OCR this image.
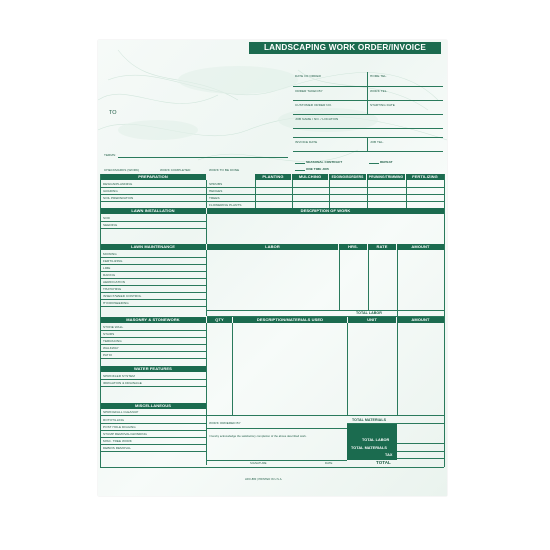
LANDSCAPING WORK ORDER/INVOICE
TO
TERMS:
DATE OF ORDER	HOME TEL.
ORDER TAKEN BY	WORK TEL.
CUSTOMER ORDER NO.	STARTING DATE
JOB NAME / NO. / LOCATION
INVOICE DATE	JOB TEL.
SEASONAL CONTRACT	REPEAT
ONE TIME JOB
CHECKMARKS (WORK)	WORK COMPLETED	WORK TO BE DONE
PREPARATION	PLANTING	MULCHING	EDGING/BORDERS	PRUNING/TRIMMING	FERTILIZING
DESIGN/PLANNING
GRADING
SOIL PREPARATION
SHRUBS
HEDGES
TREES
FLOWERING PLANTS
LAWN INSTALLATION	DESCRIPTION OF WORK
SOD
SEEDING
LAWN MAINTENANCE	LABOR	HRS.	RATE	AMOUNT
MOWING
FERTILIZING
LIME
RAKING
AERIFICATION
THATCHING
INSECT/WEED CONTROL
HYDROSEEDING
TOTAL LABOR
MASONRY & STONEWORK	QTY	DESCRIPTION/MATERIALS USED	UNIT	AMOUNT
STONE WALL
STAIRS
TERRACING
WALKWAY
PATIO
WATER FEATURES
SPRINKLER SYSTEM
IRRIGATION & DRAINAGE
MISCELLANEOUS
SPRINGFALL CLEANUP
ROTOTILLING
POST HOLE DIGGING
STUMP REMOVAL/GRINDING
MISC. TREE WORK
DEBRIS REMOVAL
TOTAL MATERIALS
WORK ORDERED BY
I hereby acknowledge the satisfactory completion of the above described work.
TOTAL LABOR
TOTAL MATERIALS
TAX
TOTAL
SIGNATURE	DATE
LWO-880 | PRINTED IN U.S.A.
